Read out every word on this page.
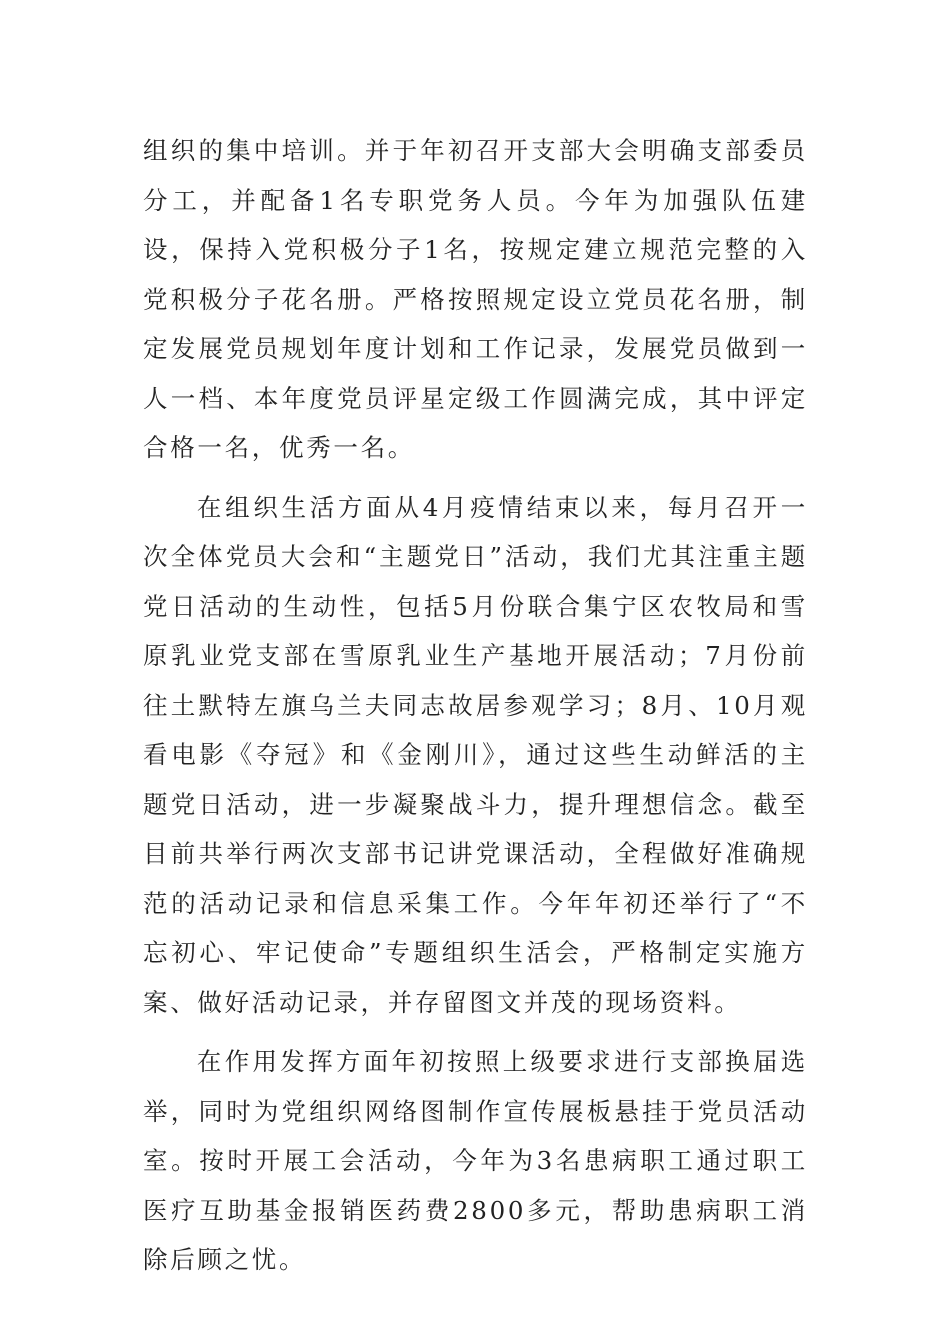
组织的集中培训。并于年初召开支部大会明确支部委员分工，并配备1名专职党务人员。今年为加强队伍建设，保持入党积极分子1名，按规定建立规范完整的入党积极分子花名册。严格按照规定设立党员花名册，制定发展党员规划年度计划和工作记录，发展党员做到一人一档、本年度党员评星定级工作圆满完成，其中评定合格一名，优秀一名。

在组织生活方面从4月疫情结束以来，每月召开一次全体党员大会和“主题党日”活动，我们尤其注重主题党日活动的生动性，包括5月份联合集宁区农牧局和雪原乳业党支部在雪原乳业生产基地开展活动；7月份前往土默特左旗乌兰夫同志故居参观学习；8月、10月观看电影《夺冠》和《金刚川》，通过这些生动鲜活的主题党日活动，进一步凝聚战斗力，提升理想信念。截至目前共举行两次支部书记讲党课活动，全程做好准确规范的活动记录和信息采集工作。今年年初还举行了“不忘初心、牢记使命”专题组织生活会，严格制定实施方案、做好活动记录，并存留图文并茂的现场资料。

在作用发挥方面年初按照上级要求进行支部换届选举，同时为党组织网络图制作宣传展板悬挂于党员活动室。按时开展工会活动，今年为3名患病职工通过职工医疗互助基金报销医药费2800多元，帮助患病职工消除后顾之忧。
